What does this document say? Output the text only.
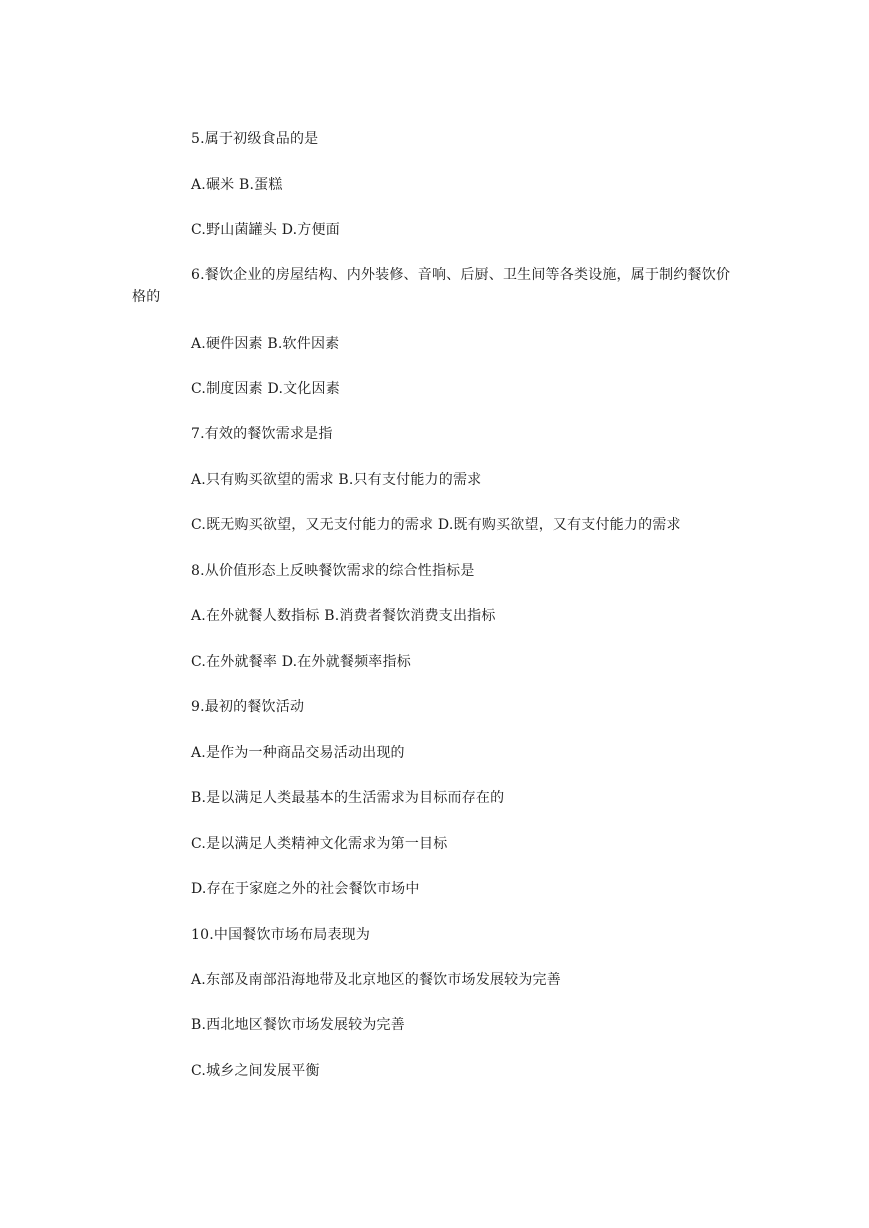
5.属于初级食品的是
A.碾米 B.蛋糕
C.野山菌罐头 D.方便面
6.餐饮企业的房屋结构、内外装修、音响、后厨、卫生间等各类设施，属于制约餐饮价格的
A.硬件因素 B.软件因素
C.制度因素 D.文化因素
7.有效的餐饮需求是指
A.只有购买欲望的需求 B.只有支付能力的需求
C.既无购买欲望，又无支付能力的需求 D.既有购买欲望，又有支付能力的需求
8.从价值形态上反映餐饮需求的综合性指标是
A.在外就餐人数指标 B.消费者餐饮消费支出指标
C.在外就餐率 D.在外就餐频率指标
9.最初的餐饮活动
A.是作为一种商品交易活动出现的
B.是以满足人类最基本的生活需求为目标而存在的
C.是以满足人类精神文化需求为第一目标
D.存在于家庭之外的社会餐饮市场中
10.中国餐饮市场布局表现为
A.东部及南部沿海地带及北京地区的餐饮市场发展较为完善
B.西北地区餐饮市场发展较为完善
C.城乡之间发展平衡
